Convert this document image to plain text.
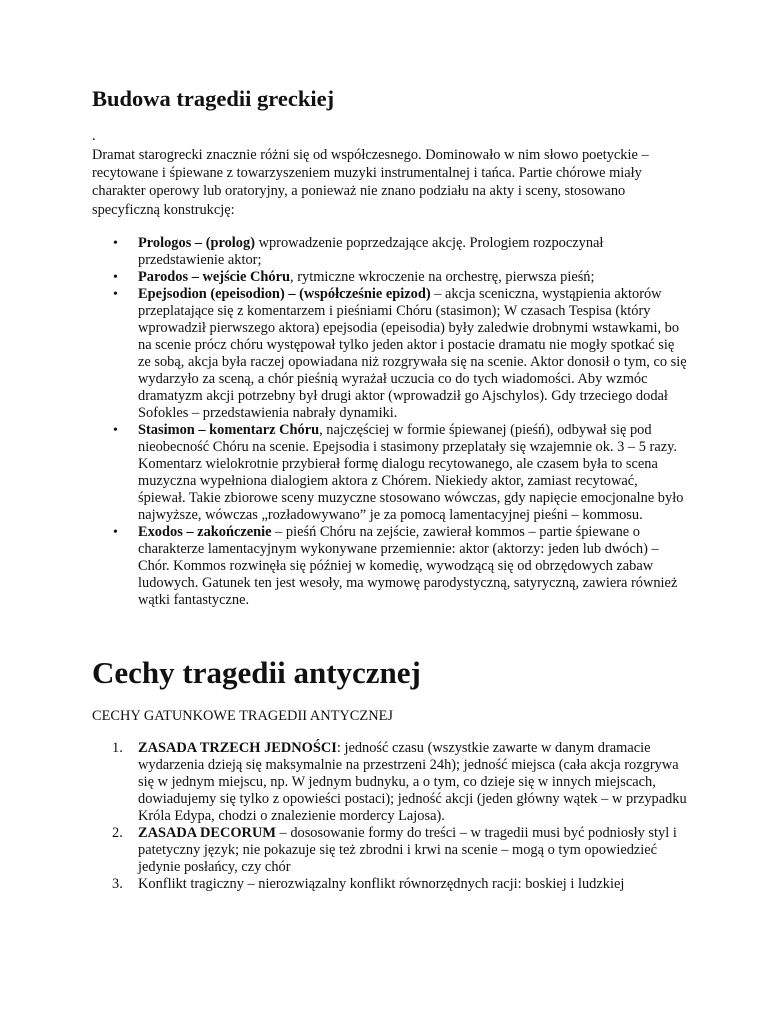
Budowa tragedii greckiej

.

Dramat starogrecki znacznie różni się od współczesnego. Dominowało w nim słowo poetyckie – recytowane i śpiewane z towarzyszeniem muzyki instrumentalnej i tańca. Partie chórowe miały charakter operowy lub oratoryjny, a ponieważ nie znano podziału na akty i sceny, stosowano specyficzną konstrukcję:

• Prologos – (prolog) wprowadzenie poprzedzające akcję. Prologiem rozpoczynał przedstawienie aktor;
• Parodos – wejście Chóru, rytmiczne wkroczenie na orchestrę, pierwsza pieśń;
• Epejsodion (epeisodion) – (współcześnie epizod) – akcja sceniczna, wystąpienia aktorów przeplatające się z komentarzem i pieśniami Chóru (stasimon); W czasach Tespisa (który wprowadził pierwszego aktora) epejsodia (epeisodia) były zaledwie drobnymi wstawkami, bo na scenie prócz chóru występował tylko jeden aktor i postacie dramatu nie mogły spotkać się ze sobą, akcja była raczej opowiadana niż rozgrywała się na scenie. Aktor donosił o tym, co się wydarzyło za sceną, a chór pieśnią wyrażał uczucia co do tych wiadomości. Aby wzmóc dramatyzm akcji potrzebny był drugi aktor (wprowadził go Ajschylos). Gdy trzeciego dodał Sofokles – przedstawienia nabrały dynamiki.
• Stasimon – komentarz Chóru, najczęściej w formie śpiewanej (pieśń), odbywał się pod nieobecność Chóru na scenie. Epejsodia i stasimony przeplatały się wzajemnie ok. 3 – 5 razy. Komentarz wielokrotnie przybierał formę dialogu recytowanego, ale czasem była to scena muzyczna wypełniona dialogiem aktora z Chórem. Niekiedy aktor, zamiast recytować, śpiewał. Takie zbiorowe sceny muzyczne stosowano wówczas, gdy napięcie emocjonalne było najwyższe, wówczas „rozładowywano” je za pomocą lamentacyjnej pieśni – kommosu.
• Exodos – zakończenie – pieśń Chóru na zejście, zawierał kommos – partie śpiewane o charakterze lamentacyjnym wykonywane przemiennie: aktor (aktorzy: jeden lub dwóch) – Chór. Kommos rozwinęła się później w komedię, wywodzącą się od obrzędowych zabaw ludowych. Gatunek ten jest wesoły, ma wymowę parodystyczną, satyryczną, zawiera również wątki fantastyczne.
Cechy tragedii antycznej

CECHY GATUNKOWE TRAGEDII ANTYCZNEJ

1. ZASADA TRZECH JEDNOŚCI: jedność czasu (wszystkie zawarte w danym dramacie wydarzenia dzieją się maksymalnie na przestrzeni 24h); jedność miejsca (cała akcja rozgrywa się w jednym miejscu, np. W jednym budnyku, a o tym, co dzieje się w innych miejscach, dowiadujemy się tylko z opowieści postaci); jedność akcji (jeden główny wątek – w przypadku Króla Edypa, chodzi o znalezienie mordercy Lajosa).
2. ZASADA DECORUM – dososowanie formy do treści – w tragedii musi być podniosły styl i patetyczny język; nie pokazuje się też zbrodni i krwi na scenie – mogą o tym opowiedzieć jedynie posłańcy, czy chór
3. Konflikt tragiczny – nierozwiązalny konflikt równorzędnych racji: boskiej i ludzkiej
